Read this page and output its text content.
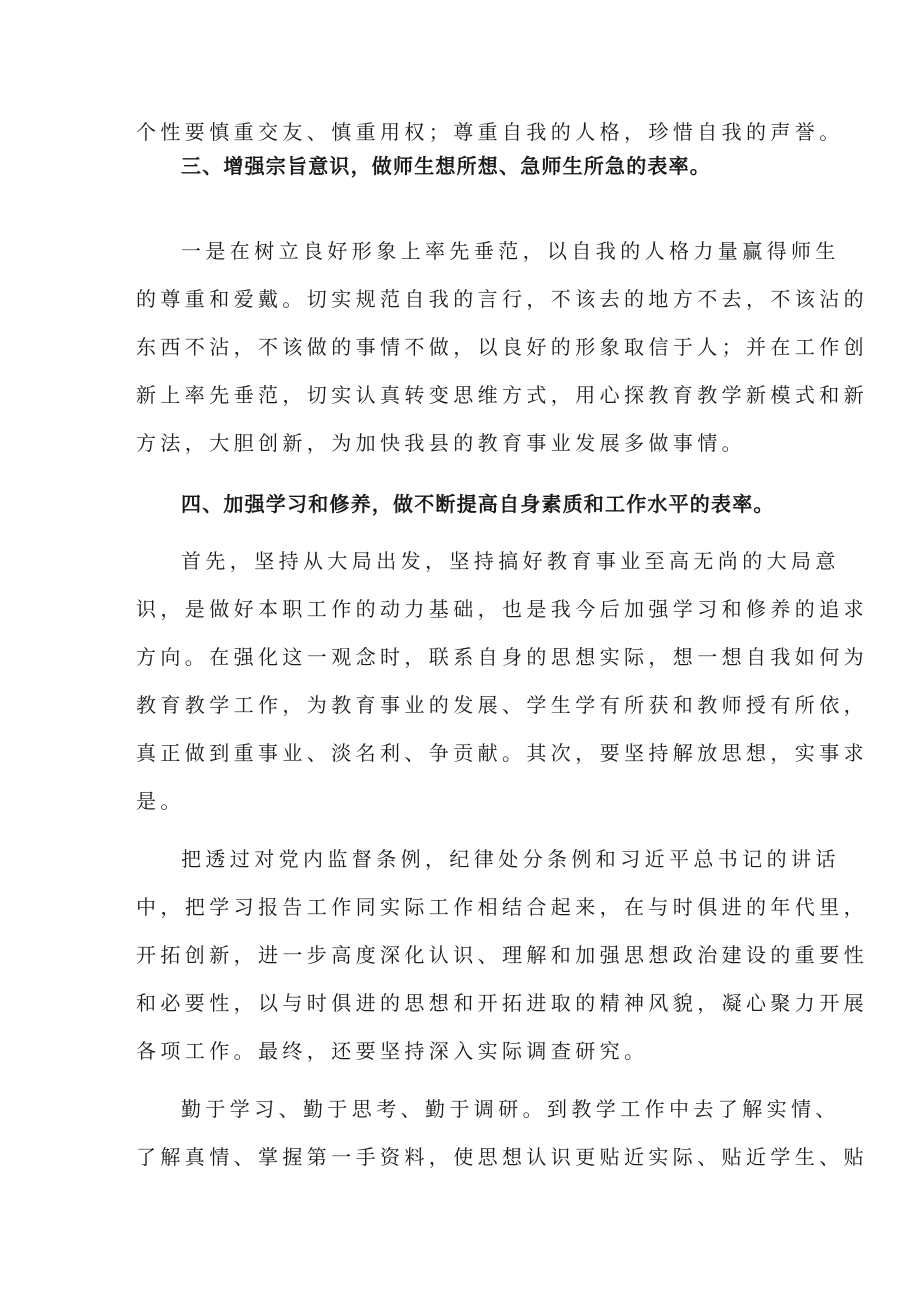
个性要慎重交友、慎重用权；尊重自我的人格，珍惜自我的声誉。
三、增强宗旨意识，做师生想所想、急师生所急的表率。
一是在树立良好形象上率先垂范，以自我的人格力量赢得师生
的尊重和爱戴。切实规范自我的言行，不该去的地方不去，不该沾的
东西不沾，不该做的事情不做，以良好的形象取信于人；并在工作创
新上率先垂范，切实认真转变思维方式，用心探教育教学新模式和新
方法，大胆创新，为加快我县的教育事业发展多做事情。
四、加强学习和修养，做不断提高自身素质和工作水平的表率。
首先，坚持从大局出发，坚持搞好教育事业至高无尚的大局意
识，是做好本职工作的动力基础，也是我今后加强学习和修养的追求
方向。在强化这一观念时，联系自身的思想实际，想一想自我如何为
教育教学工作，为教育事业的发展、学生学有所获和教师授有所依，
真正做到重事业、淡名利、争贡献。其次，要坚持解放思想，实事求
是。
把透过对党内监督条例，纪律处分条例和习近平总书记的讲话
中，把学习报告工作同实际工作相结合起来，在与时俱进的年代里，
开拓创新，进一步高度深化认识、理解和加强思想政治建设的重要性
和必要性，以与时俱进的思想和开拓进取的精神风貌，凝心聚力开展
各项工作。最终，还要坚持深入实际调查研究。
勤于学习、勤于思考、勤于调研。到教学工作中去了解实情、
了解真情、掌握第一手资料，使思想认识更贴近实际、贴近学生、贴
